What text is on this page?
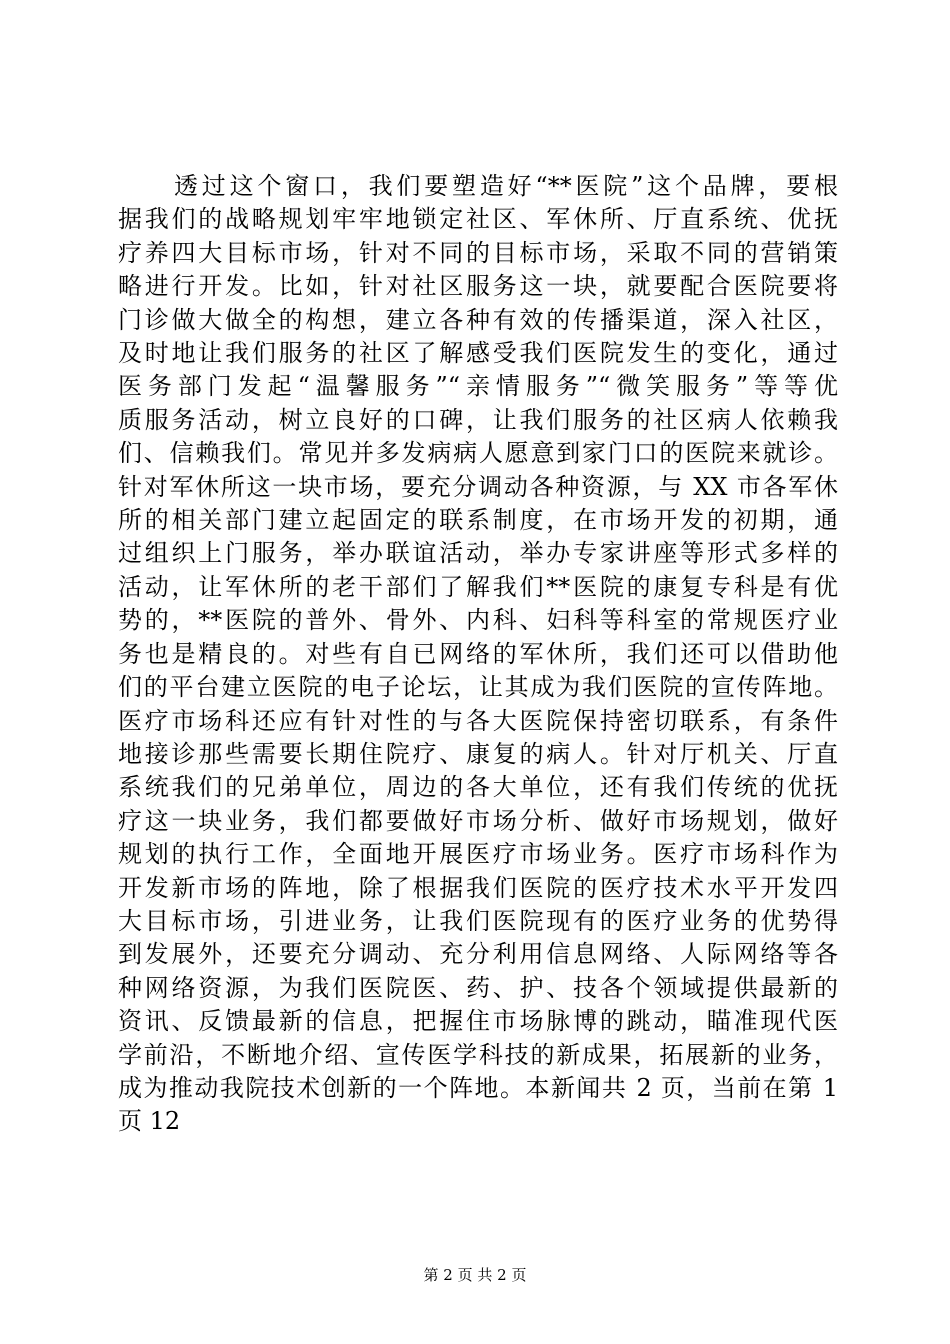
透过这个窗口，我们要塑造好“**医院”这个品牌，要根
据我们的战略规划牢牢地锁定社区、军休所、厅直系统、优抚
疗养四大目标市场，针对不同的目标市场，采取不同的营销策
略进行开发。比如，针对社区服务这一块，就要配合医院要将
门诊做大做全的构想，建立各种有效的传播渠道，深入社区，
及时地让我们服务的社区了解感受我们医院发生的变化，通过
医务部门发起“温馨服务”“亲情服务”“微笑服务”等等优
质服务活动，树立良好的口碑，让我们服务的社区病人依赖我
们、信赖我们。常见并多发病病人愿意到家门口的医院来就诊。
针对军休所这一块市场，要充分调动各种资源，与 XX 市各军休
所的相关部门建立起固定的联系制度，在市场开发的初期，通
过组织上门服务，举办联谊活动，举办专家讲座等形式多样的
活动，让军休所的老干部们了解我们**医院的康复专科是有优
势的，**医院的普外、骨外、内科、妇科等科室的常规医疗业
务也是精良的。对些有自已网络的军休所，我们还可以借助他
们的平台建立医院的电子论坛，让其成为我们医院的宣传阵地。
医疗市场科还应有针对性的与各大医院保持密切联系，有条件
地接诊那些需要长期住院疗、康复的病人。针对厅机关、厅直
系统我们的兄弟单位，周边的各大单位，还有我们传统的优抚
疗这一块业务，我们都要做好市场分析、做好市场规划，做好
规划的执行工作，全面地开展医疗市场业务。医疗市场科作为
开发新市场的阵地，除了根据我们医院的医疗技术水平开发四
大目标市场，引进业务，让我们医院现有的医疗业务的优势得
到发展外，还要充分调动、充分利用信息网络、人际网络等各
种网络资源，为我们医院医、药、护、技各个领域提供最新的
资讯、反馈最新的信息，把握住市场脉博的跳动，瞄准现代医
学前沿，不断地介绍、宣传医学科技的新成果，拓展新的业务，
成为推动我院技术创新的一个阵地。本新闻共 2 页，当前在第 1
页 12
第 2 页 共 2 页
